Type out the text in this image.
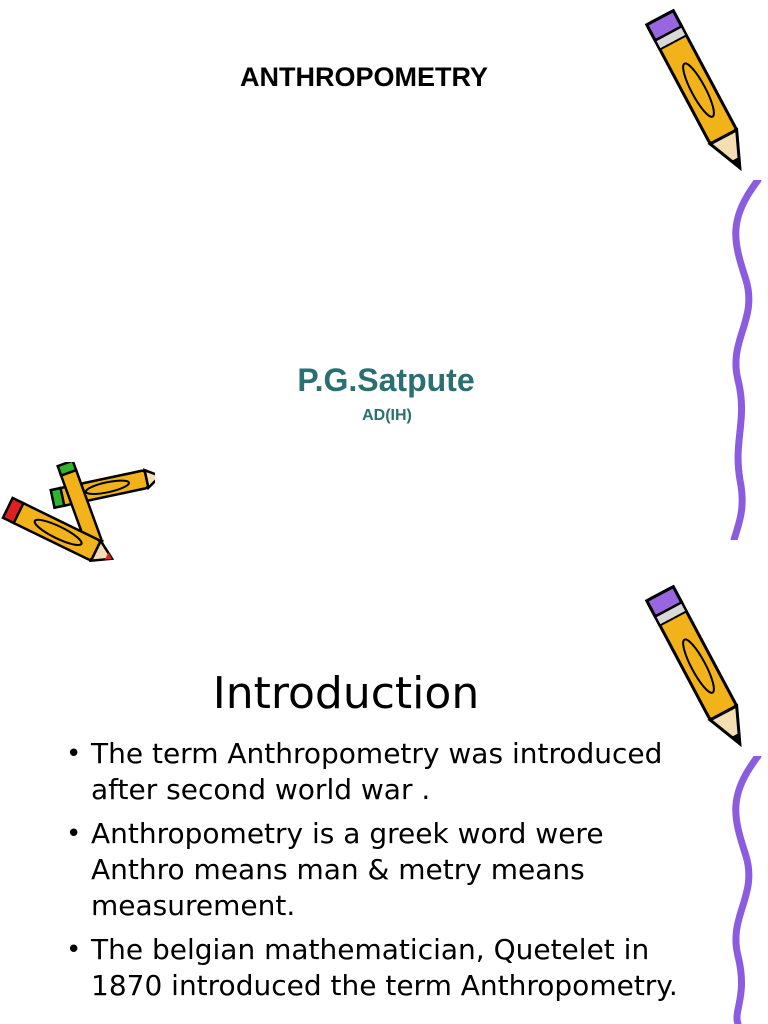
ANTHROPOMETRY
P.G.Satpute
AD(IH)
Introduction
• The term Anthropometry was introduced after second world war .
• Anthropometry is a greek word were Anthro means man & metry means measurement.
• The belgian mathematician, Quetelet in 1870 introduced the term Anthropometry.
